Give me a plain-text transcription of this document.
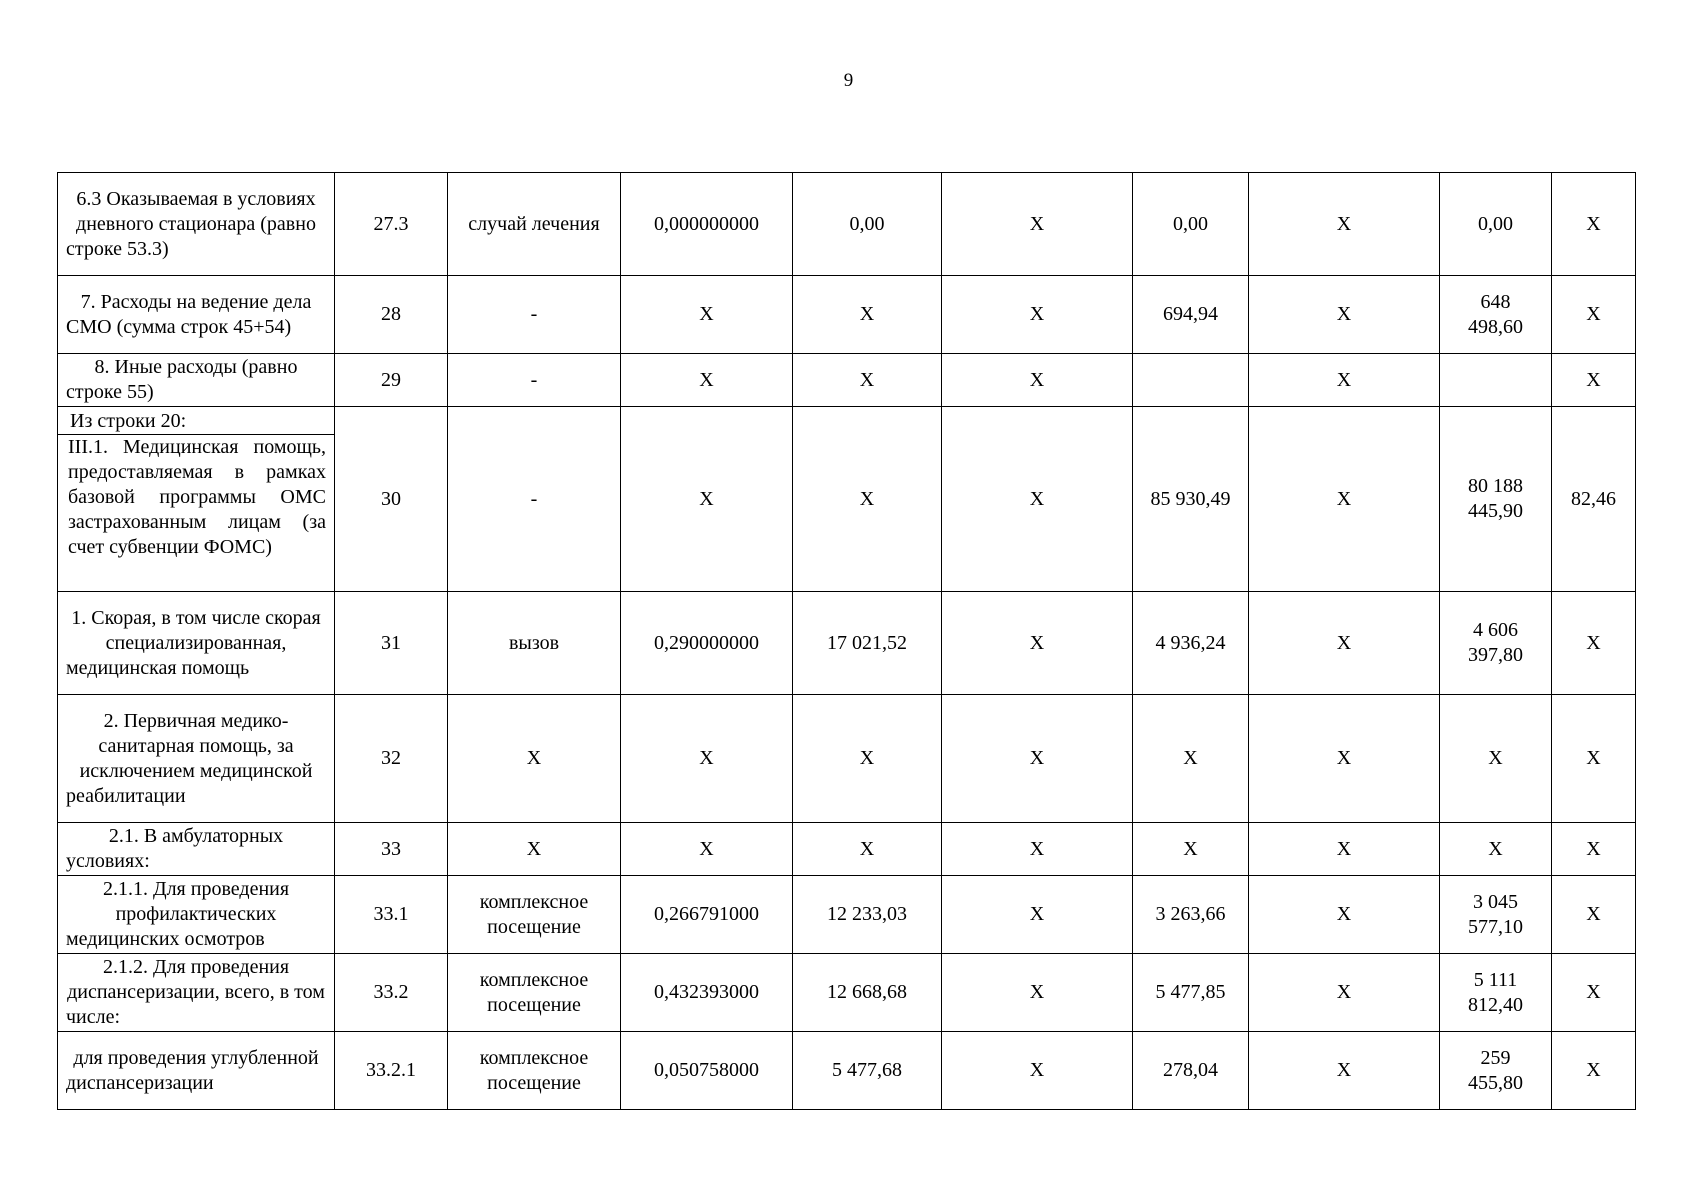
9
6.3 Оказываемая в условиях дневного стационара (равно строке 53.3)	27.3	случай лечения	0,000000000	0,00	Х	0,00	Х	0,00	Х
7. Расходы на ведение дела СМО (сумма строк 45+54)	28	-	Х	Х	Х	694,94	Х	648 498,60	Х
8. Иные расходы (равно строке 55)	29	-	Х	Х	Х		Х		Х

Из строки 20:
III.1. Медицинская помощь, предоставляемая в рамках базовой программы ОМС застрахованным лицам (за счет субвенции ФОМС)	30	-	Х	Х	Х	85 930,49	Х	80 188 445,90	82,46
1. Скорая, в том числе скорая специализированная, медицинская помощь	31	вызов	0,290000000	17 021,52	Х	4 936,24	Х	4 606 397,80	Х
2. Первичная медико-санитарная помощь, за исключением медицинской реабилитации	32	Х	Х	Х	Х	Х	Х	Х	Х
2.1. В амбулаторных условиях:	33	Х	Х	Х	Х	Х	Х	Х	Х
2.1.1. Для проведения профилактических медицинских осмотров	33.1	комплексное посещение	0,266791000	12 233,03	Х	3 263,66	Х	3 045 577,10	Х
2.1.2. Для проведения диспансеризации, всего, в том числе:	33.2	комплексное посещение	0,432393000	12 668,68	Х	5 477,85	Х	5 111 812,40	Х
для проведения углубленной диспансеризации	33.2.1	комплексное посещение	0,050758000	5 477,68	Х	278,04	Х	259 455,80	Х
